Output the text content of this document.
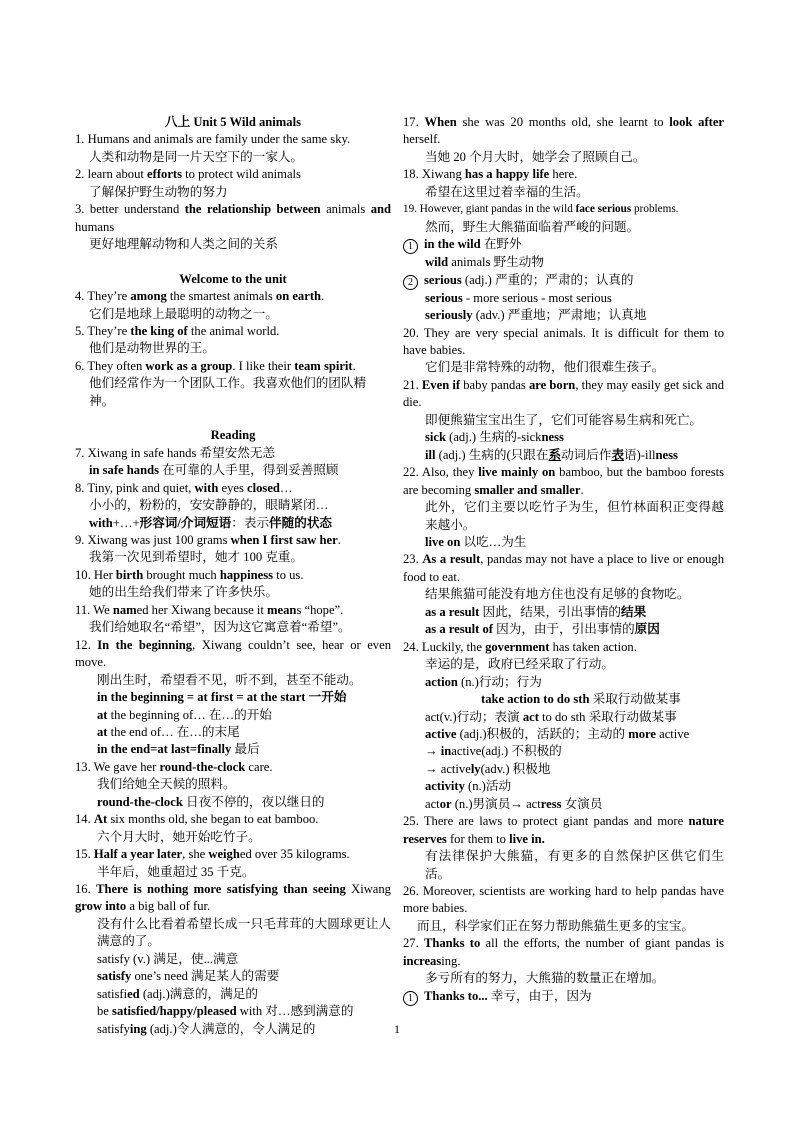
八上 Unit 5 Wild animals

1. Humans and animals are family under the same sky.

人类和动物是同一片天空下的一家人。

2. learn about efforts to protect wild animals

了解保护野生动物的努力

3. better understand the relationship between animals and humans

更好地理解动物和人类之间的关系

Welcome to the unit

4. They’re among the smartest animals on earth.

它们是地球上最聪明的动物之一。

5. They’re the king of the animal world.

他们是动物世界的王。

6. They often work as a group. I like their team spirit.

他们经常作为一个团队工作。我喜欢他们的团队精神。

Reading

7. Xiwang in safe hands 希望安然无恙

in safe hands 在可靠的人手里，得到妥善照顾

8. Tiny, pink and quiet, with eyes closed…

小小的，粉粉的，安安静静的，眼睛紧闭…

with+…+形容词/介词短语：表示伴随的状态

9. Xiwang was just 100 grams when I first saw her.

我第一次见到希望时，她才 100 克重。

10. Her birth brought much happiness to us.

她的出生给我们带来了许多快乐。

11. We named her Xiwang because it means “hope”.

我们给她取名“希望”，因为这它寓意着“希望”。

12. In the beginning, Xiwang couldn’t see, hear or even move.

刚出生时，希望看不见，听不到，甚至不能动。

in the beginning = at first = at the start 一开始

at the beginning of… 在…的开始

at the end of… 在…的末尾

in the end=at last=finally 最后

13. We gave her round-the-clock care.

我们给她全天候的照料。

round-the-clock 日夜不停的，夜以继日的

14. At six months old, she began to eat bamboo.

六个月大时，她开始吃竹子。

15. Half a year later, she weighed over 35 kilograms.

半年后，她重超过 35 千克。

16. There is nothing more satisfying than seeing Xiwang grow into a big ball of fur.

没有什么比看着希望长成一只毛茸茸的大圆球更让人满意的了。

satisfy (v.) 满足，使...满意

satisfy one’s need 满足某人的需要

satisfied (adj.)满意的，满足的

be satisfied/happy/pleased with 对…感到满意的

satisfying (adj.)令人满意的，令人满足的

17. When she was 20 months old, she learnt to look after herself.

当她 20 个月大时，她学会了照顾自己。

18. Xiwang has a happy life here.

希望在这里过着幸福的生活。

19. However, giant pandas in the wild face serious problems.

然而，野生大熊猫面临着严峻的问题。

1 in the wild 在野外

wild animals 野生动物

2 serious (adj.) 严重的；严肃的；认真的

serious - more serious - most serious

seriously (adv.) 严重地；严肃地；认真地

20. They are very special animals. It is difficult for them to have babies.

它们是非常特殊的动物，他们很难生孩子。

21. Even if baby pandas are born, they may easily get sick and die.

即便熊猫宝宝出生了，它们可能容易生病和死亡。

sick (adj.) 生病的-sickness

ill (adj.) 生病的(只跟在系动词后作表语)-illness

22. Also, they live mainly on bamboo, but the bamboo forests are becoming smaller and smaller.

此外，它们主要以吃竹子为生，但竹林面积正变得越来越小。

live on 以吃…为生

23. As a result, pandas may not have a place to live or enough food to eat.

结果熊猫可能没有地方住也没有足够的食物吃。

as a result 因此，结果，引出事情的结果

as a result of 因为，由于，引出事情的原因

24. Luckily, the government has taken action.

幸运的是，政府已经采取了行动。

action (n.)行动；行为

take action to do sth 采取行动做某事

act(v.)行动；表演 act to do sth 采取行动做某事

active (adj.)积极的，活跃的；主动的 more active

→ inactive(adj.) 不积极的

→ actively(adv.) 积极地

activity (n.)活动

actor (n.)男演员→ actress 女演员

25. There are laws to protect giant pandas and more nature reserves for them to live in.

有法律保护大熊猫，有更多的自然保护区供它们生活。

26. Moreover, scientists are working hard to help pandas have more babies.

而且，科学家们正在努力帮助熊猫生更多的宝宝。

27. Thanks to all the efforts, the number of giant pandas is increasing.

多亏所有的努力，大熊猫的数量正在增加。

1 Thanks to... 幸亏，由于，因为

1
